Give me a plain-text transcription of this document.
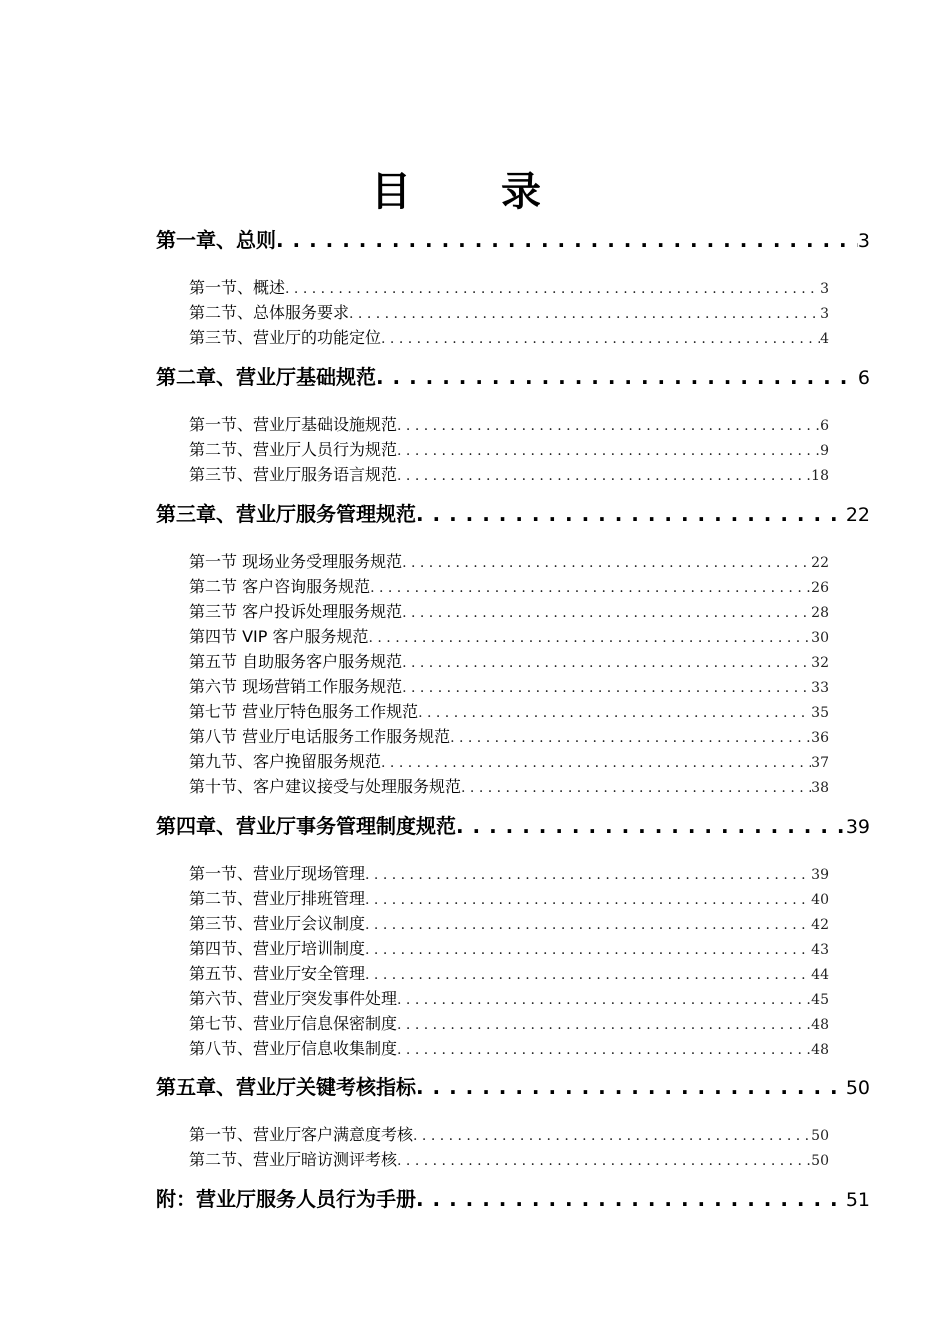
目 录
第一章、总则 . . .	3
第一节、概述 . . .	3
第二节、总体服务要求 . . .	3
第三节、营业厅的功能定位 . . .	4
第二章、营业厅基础规范 . . .	6
第一节、营业厅基础设施规范 . . .	6
第二节、营业厅人员行为规范 . . .	9
第三节、营业厅服务语言规范 . . .	18
第三章、营业厅服务管理规范 . . .	22
第一节 现场业务受理服务规范 . . .	22
第二节 客户咨询服务规范 . . .	26
第三节 客户投诉处理服务规范 . . .	28
第四节 VIP 客户服务规范 . . .	30
第五节 自助服务客户服务规范 . . .	32
第六节 现场营销工作服务规范 . . .	33
第七节 营业厅特色服务工作规范 . . .	35
第八节 营业厅电话服务工作服务规范 . . .	36
第九节、客户挽留服务规范 . . .	37
第十节、客户建议接受与处理服务规范 . . .	38
第四章、营业厅事务管理制度规范 . . .	39
第一节、营业厅现场管理 . . .	39
第二节、营业厅排班管理 . . .	40
第三节、营业厅会议制度 . . .	42
第四节、营业厅培训制度 . . .	43
第五节、营业厅安全管理 . . .	44
第六节、营业厅突发事件处理 . . .	45
第七节、营业厅信息保密制度 . . .	48
第八节、营业厅信息收集制度 . . .	48
第五章、营业厅关键考核指标 . . .	50
第一节、营业厅客户满意度考核 . . .	50
第二节、营业厅暗访测评考核 . . .	50
附：营业厅服务人员行为手册 . . .	51
